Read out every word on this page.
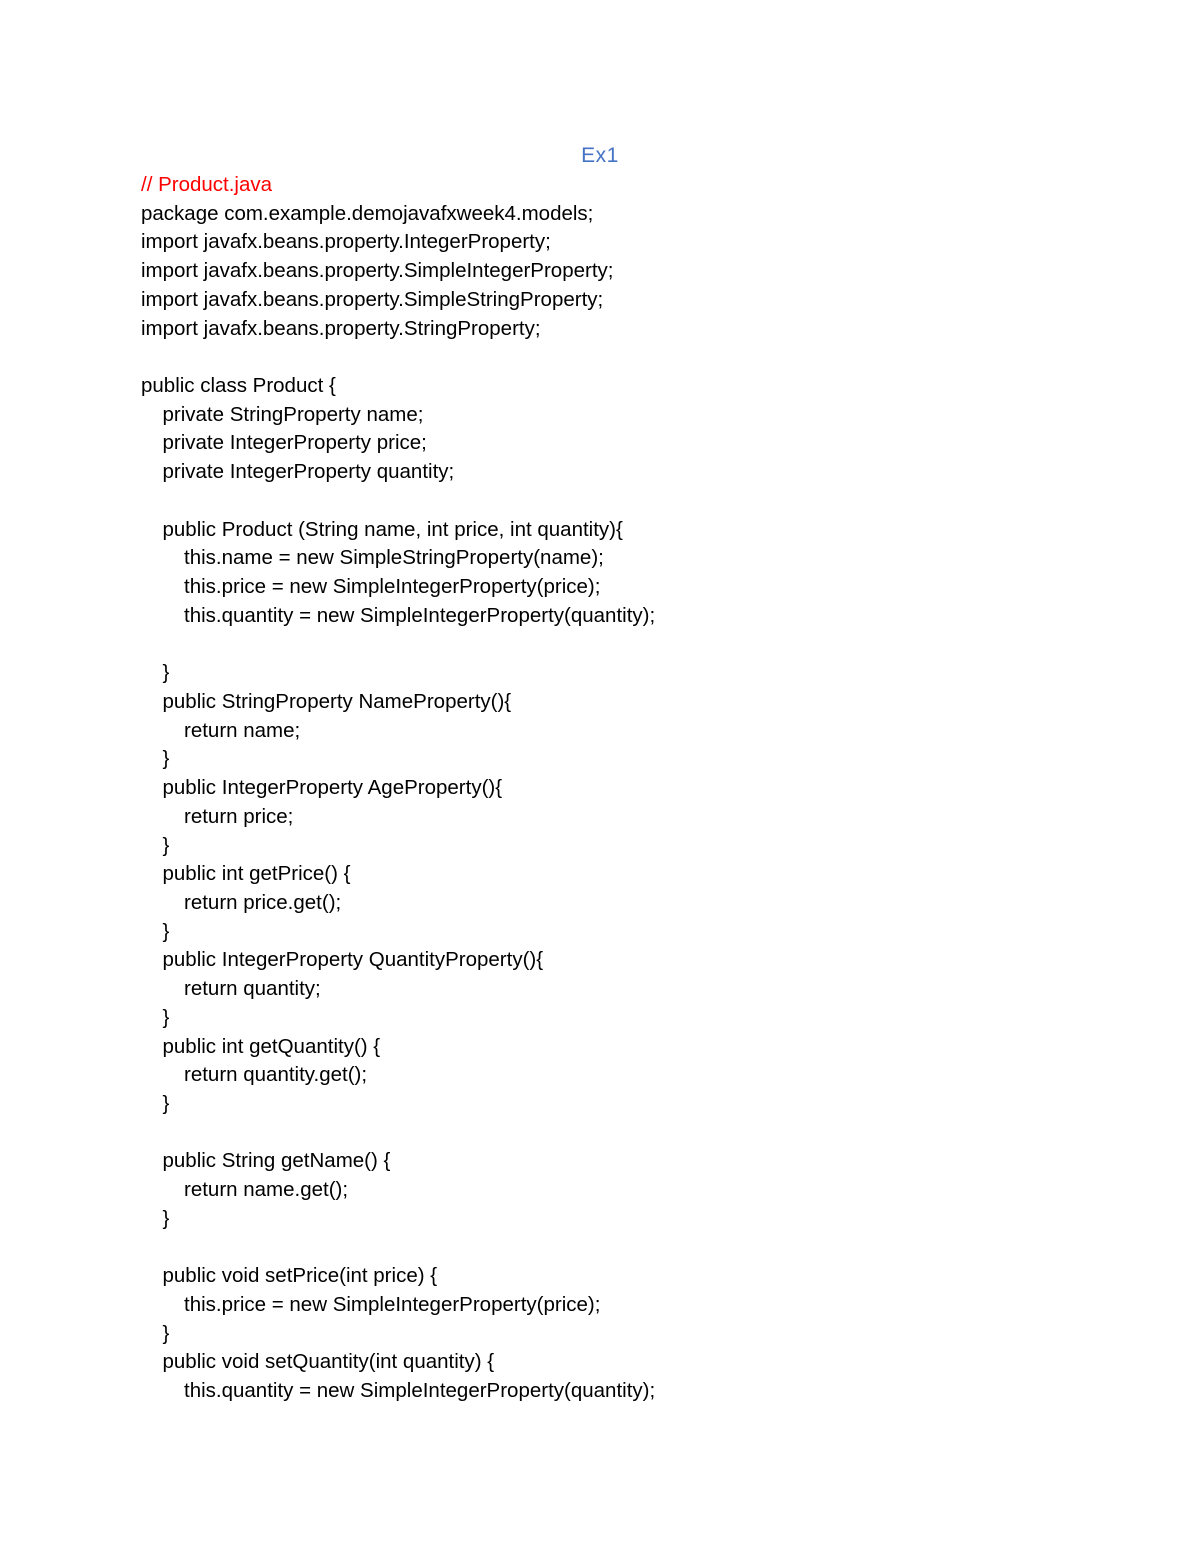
Ex1
// Product.java
package com.example.demojavafxweek4.models;
import javafx.beans.property.IntegerProperty;
import javafx.beans.property.SimpleIntegerProperty;
import javafx.beans.property.SimpleStringProperty;
import javafx.beans.property.StringProperty;
public class Product {
private StringProperty name;
private IntegerProperty price;
private IntegerProperty quantity;
public Product (String name, int price, int quantity){
this.name = new SimpleStringProperty(name);
this.price = new SimpleIntegerProperty(price);
this.quantity = new SimpleIntegerProperty(quantity);
}
public StringProperty NameProperty(){
return name;
}
public IntegerProperty AgeProperty(){
return price;
}
public int getPrice() {
return price.get();
}
public IntegerProperty QuantityProperty(){
return quantity;
}
public int getQuantity() {
return quantity.get();
}
public String getName() {
return name.get();
}
public void setPrice(int price) {
this.price = new SimpleIntegerProperty(price);
}
public void setQuantity(int quantity) {
this.quantity = new SimpleIntegerProperty(quantity);
